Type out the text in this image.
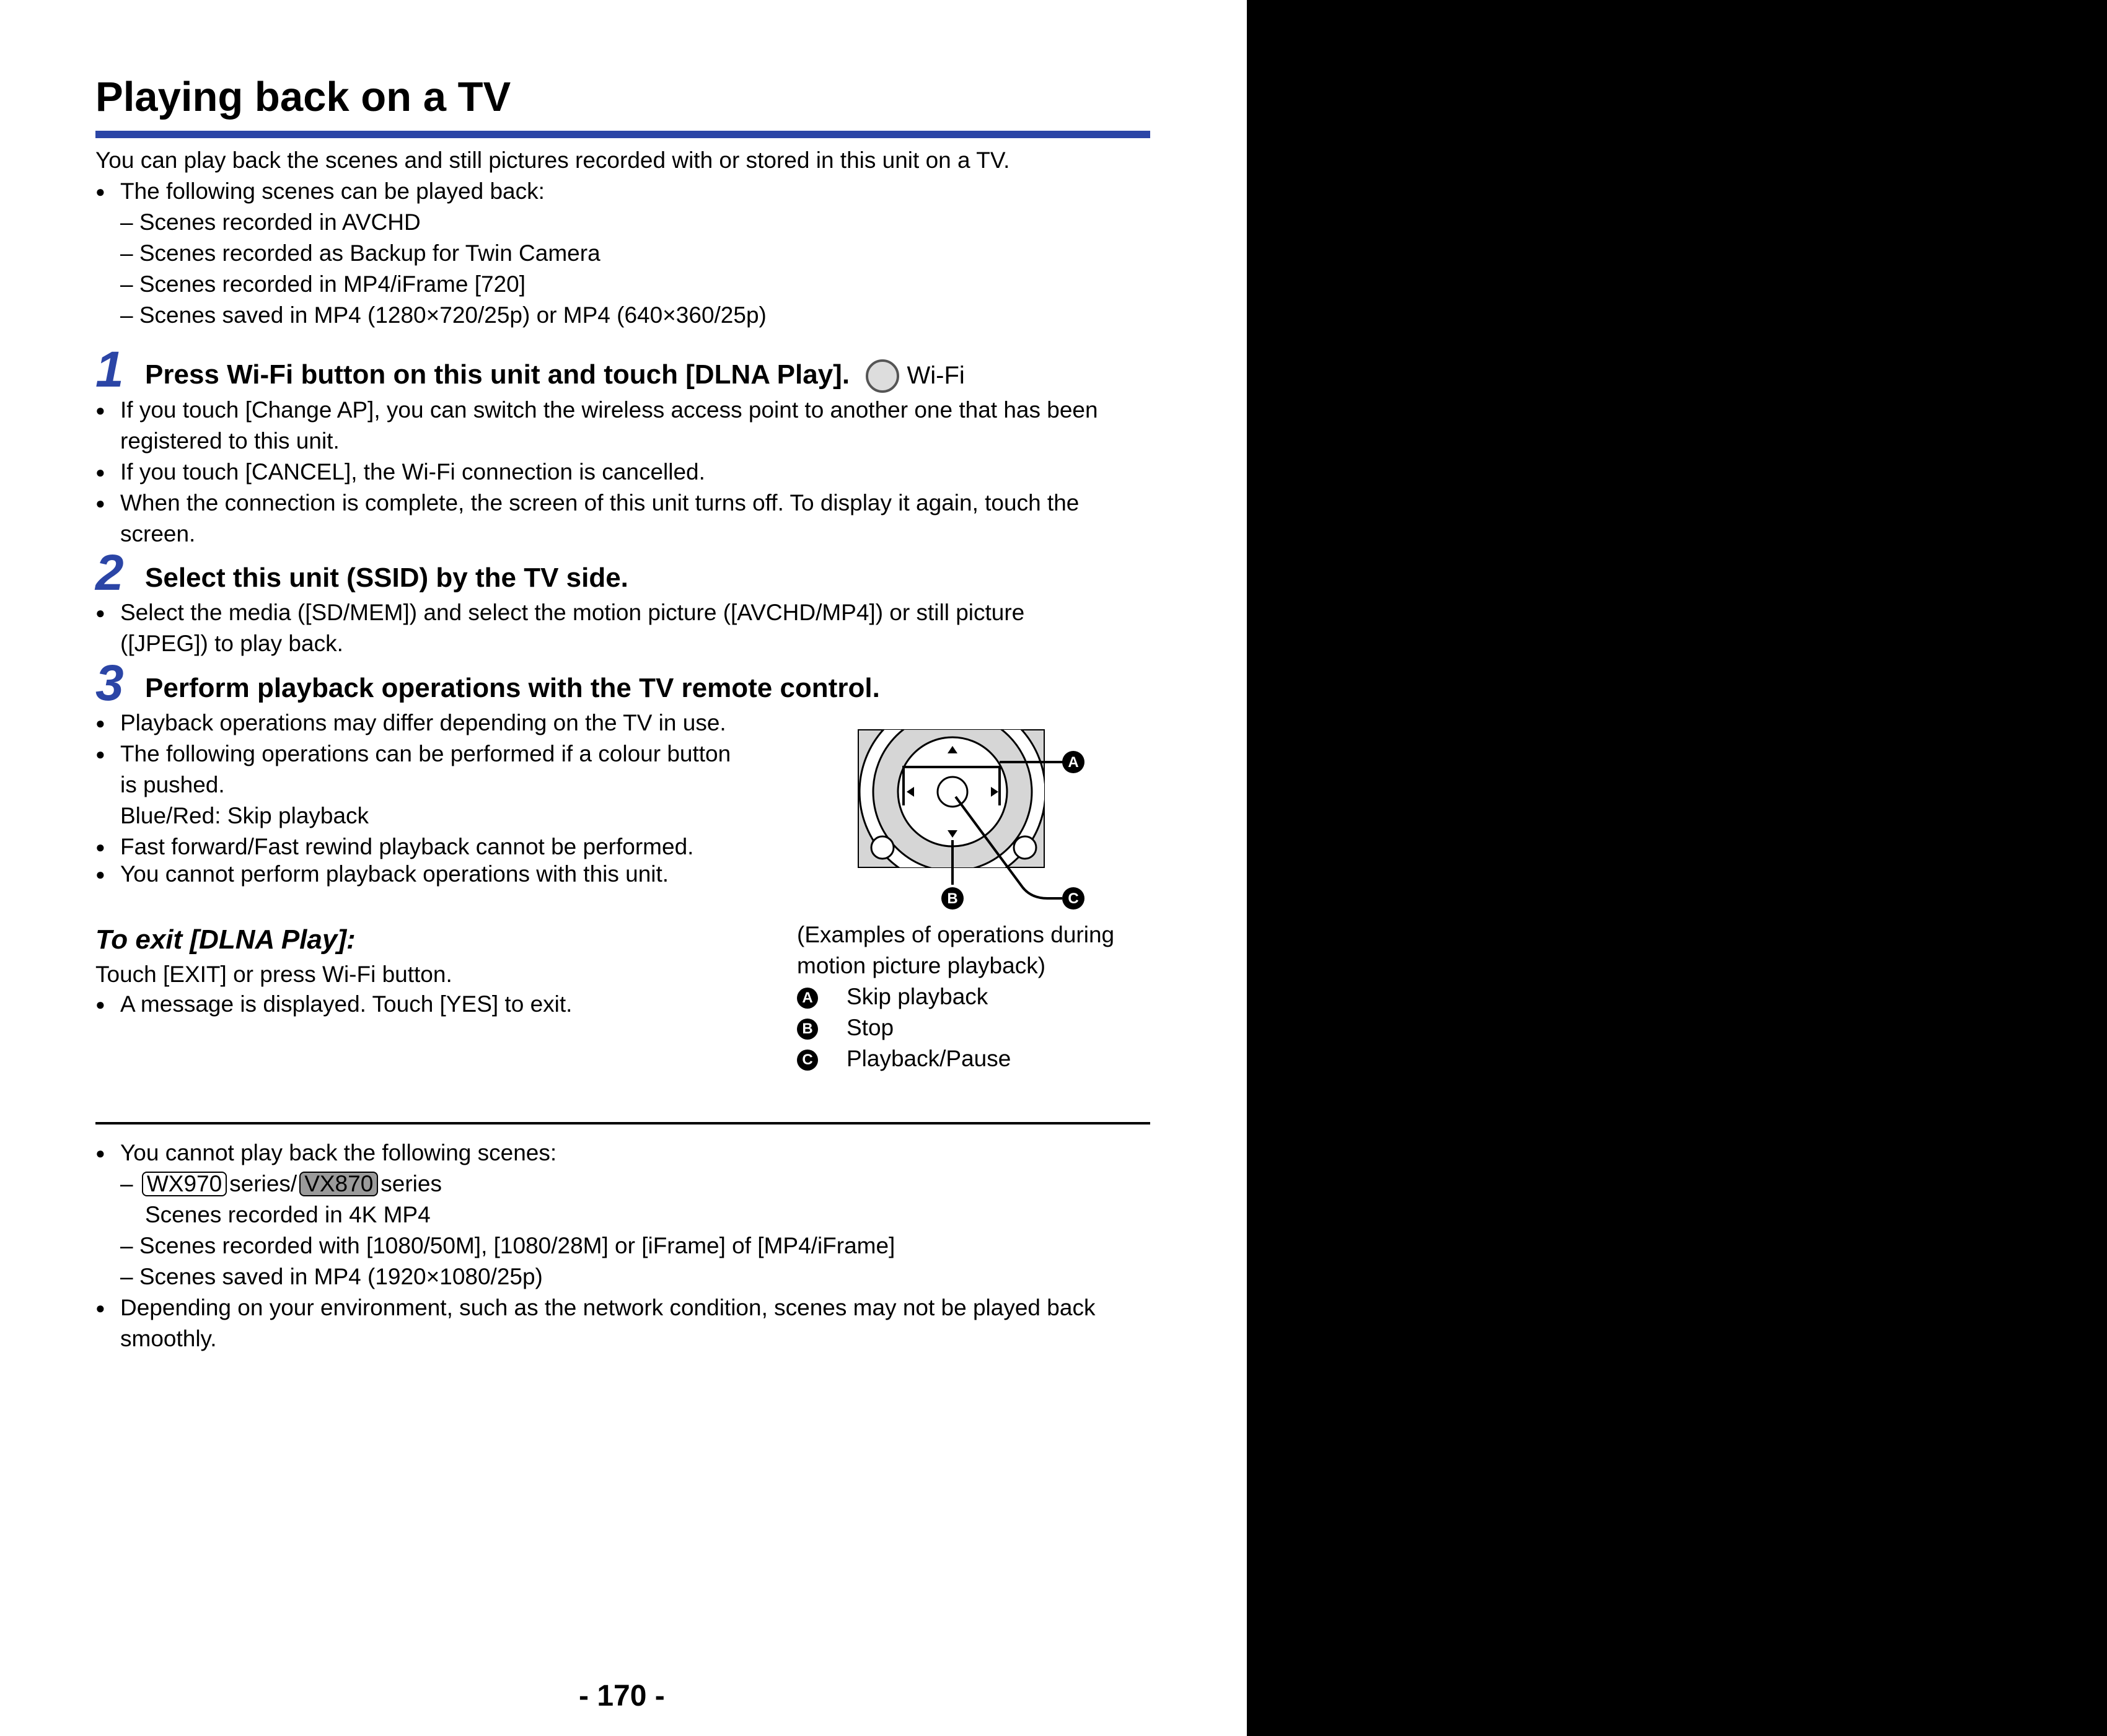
Playing back on a TV
You can play back the scenes and still pictures recorded with or stored in this unit on a TV.
● The following scenes can be played back:
– Scenes recorded in AVCHD
– Scenes recorded as Backup for Twin Camera
– Scenes recorded in MP4/iFrame [720]
– Scenes saved in MP4 (1280×720/25p) or MP4 (640×360/25p)
1 Press Wi-Fi button on this unit and touch [DLNA Play]. Wi-Fi
● If you touch [Change AP], you can switch the wireless access point to another one that has been
registered to this unit.
● If you touch [CANCEL], the Wi-Fi connection is cancelled.
● When the connection is complete, the screen of this unit turns off. To display it again, touch the
screen.
2 Select this unit (SSID) by the TV side.
● Select the media ([SD/MEM]) and select the motion picture ([AVCHD/MP4]) or still picture
([JPEG]) to play back.
3 Perform playback operations with the TV remote control.
● Playback operations may differ depending on the TV in use.
● The following operations can be performed if a colour button
is pushed.
Blue/Red: Skip playback
● Fast forward/Fast rewind playback cannot be performed.
● You cannot perform playback operations with this unit.
A
B	C
(Examples of operations during
motion picture playback)
A Skip playback
B Stop
C Playback/Pause
To exit [DLNA Play]:
Touch [EXIT] or press Wi-Fi button.
● A message is displayed. Touch [YES] to exit.
● You cannot play back the following scenes:
– WX970 series/ VX870 series
Scenes recorded in 4K MP4
– Scenes recorded with [1080/50M], [1080/28M] or [iFrame] of [MP4/iFrame]
– Scenes saved in MP4 (1920×1080/25p)
● Depending on your environment, such as the network condition, scenes may not be played back
smoothly.
- 170 -
